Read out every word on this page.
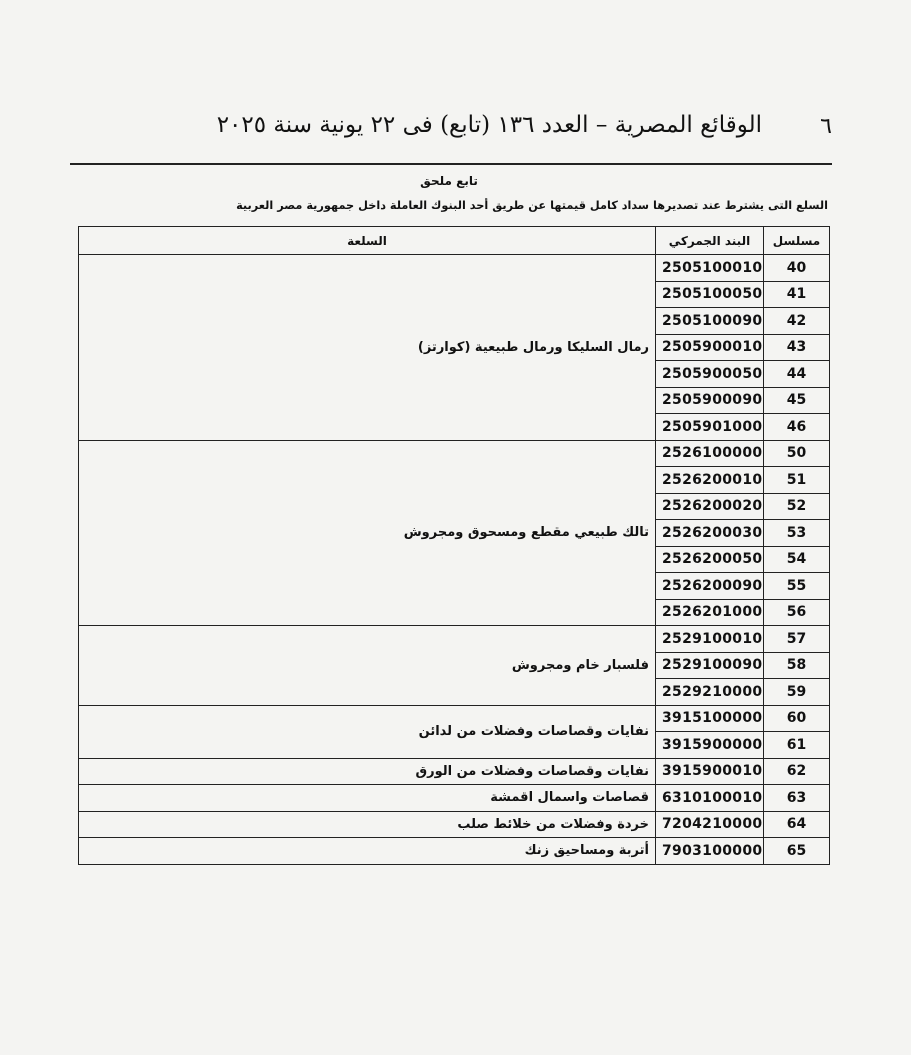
٦
الوقائع المصرية – العدد ١٣٦ (تابع) فى ٢٢ يونية سنة ٢٠٢٥
تابع ملحق
السلع التى يشترط عند تصديرها سداد كامل قيمتها عن طريق أحد البنوك العاملة داخل جمهورية مصر العربية
مسلسل	البند الجمركي	السلعة
40	2505100010	رمال السليكا ورمال طبيعية (كوارتز)
41	2505100050	
42	2505100090	
43	2505900010	
44	2505900050	
45	2505900090	
46	2505901000	
50	2526100000	تالك طبيعي مقطع ومسحوق ومجروش
51	2526200010	
52	2526200020	
53	2526200030	
54	2526200050	
55	2526200090	
56	2526201000	
57	2529100010	فلسبار خام ومجروش
58	2529100090	
59	2529210000	
60	3915100000	نفايات وقصاصات وفضلات من لدائن
61	3915900000	
62	3915900010	نفايات وقصاصات وفضلات من الورق
63	6310100010	قصاصات واسمال اقمشة
64	7204210000	خردة وفضلات من خلائط صلب
65	7903100000	أتربة ومساحيق زنك
